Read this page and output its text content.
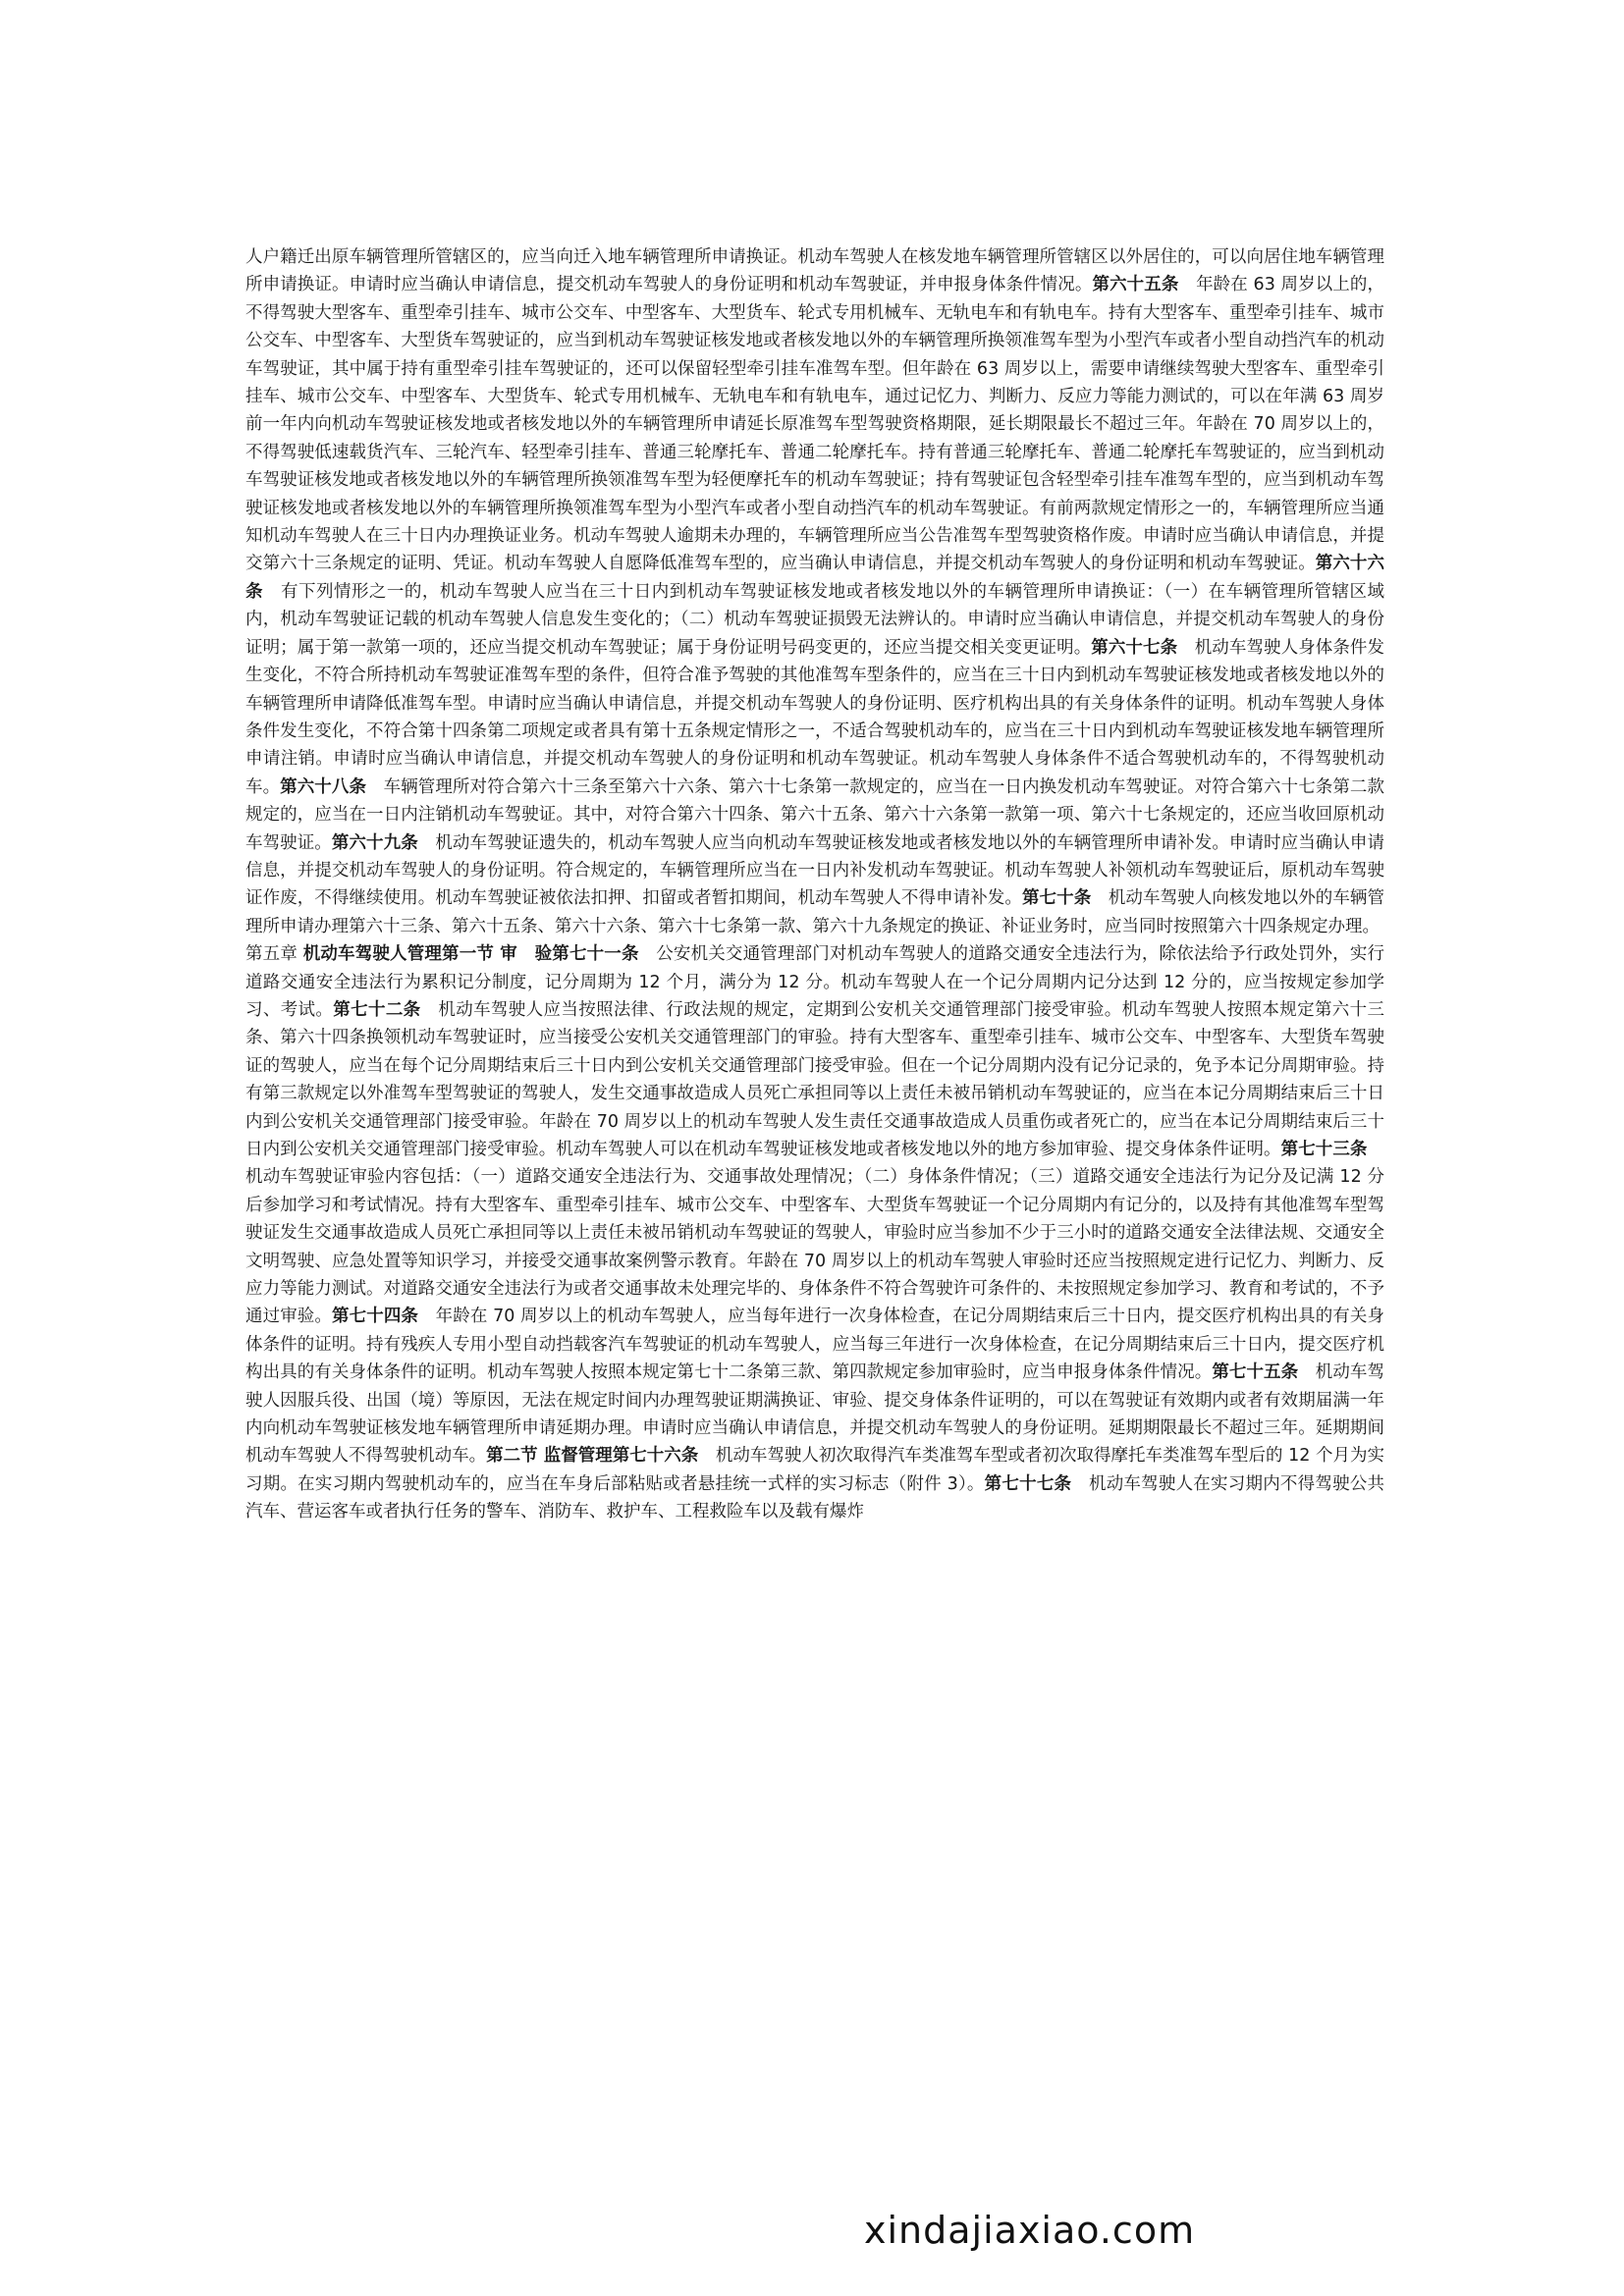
人户籍迁出原车辆管理所管辖区的，应当向迁入地车辆管理所申请换证。机动车驾驶人在核发地车辆管理所管辖区以外居住的，可以向居住地车辆管理所申请换证。申请时应当确认申请信息，提交机动车驾驶人的身份证明和机动车驾驶证，并申报身体条件情况。第六十五条　年龄在 63 周岁以上的，不得驾驶大型客车、重型牵引挂车、城市公交车、中型客车、大型货车、轮式专用机械车、无轨电车和有轨电车。持有大型客车、重型牵引挂车、城市公交车、中型客车、大型货车驾驶证的，应当到机动车驾驶证核发地或者核发地以外的车辆管理所换领准驾车型为小型汽车或者小型自动挡汽车的机动车驾驶证，其中属于持有重型牵引挂车驾驶证的，还可以保留轻型牵引挂车准驾车型。但年龄在 63 周岁以上，需要申请继续驾驶大型客车、重型牵引挂车、城市公交车、中型客车、大型货车、轮式专用机械车、无轨电车和有轨电车，通过记忆力、判断力、反应力等能力测试的，可以在年满 63 周岁前一年内向机动车驾驶证核发地或者核发地以外的车辆管理所申请延长原准驾车型驾驶资格期限，延长期限最长不超过三年。年龄在 70 周岁以上的，不得驾驶低速载货汽车、三轮汽车、轻型牵引挂车、普通三轮摩托车、普通二轮摩托车。持有普通三轮摩托车、普通二轮摩托车驾驶证的，应当到机动车驾驶证核发地或者核发地以外的车辆管理所换领准驾车型为轻便摩托车的机动车驾驶证；持有驾驶证包含轻型牵引挂车准驾车型的，应当到机动车驾驶证核发地或者核发地以外的车辆管理所换领准驾车型为小型汽车或者小型自动挡汽车的机动车驾驶证。有前两款规定情形之一的，车辆管理所应当通知机动车驾驶人在三十日内办理换证业务。机动车驾驶人逾期未办理的，车辆管理所应当公告准驾车型驾驶资格作废。申请时应当确认申请信息，并提交第六十三条规定的证明、凭证。机动车驾驶人自愿降低准驾车型的，应当确认申请信息，并提交机动车驾驶人的身份证明和机动车驾驶证。第六十六条　有下列情形之一的，机动车驾驶人应当在三十日内到机动车驾驶证核发地或者核发地以外的车辆管理所申请换证：（一）在车辆管理所管辖区域内，机动车驾驶证记载的机动车驾驶人信息发生变化的；（二）机动车驾驶证损毁无法辨认的。申请时应当确认申请信息，并提交机动车驾驶人的身份证明；属于第一款第一项的，还应当提交机动车驾驶证；属于身份证明号码变更的，还应当提交相关变更证明。第六十七条　机动车驾驶人身体条件发生变化，不符合所持机动车驾驶证准驾车型的条件，但符合准予驾驶的其他准驾车型条件的，应当在三十日内到机动车驾驶证核发地或者核发地以外的车辆管理所申请降低准驾车型。申请时应当确认申请信息，并提交机动车驾驶人的身份证明、医疗机构出具的有关身体条件的证明。机动车驾驶人身体条件发生变化，不符合第十四条第二项规定或者具有第十五条规定情形之一，不适合驾驶机动车的，应当在三十日内到机动车驾驶证核发地车辆管理所申请注销。申请时应当确认申请信息，并提交机动车驾驶人的身份证明和机动车驾驶证。机动车驾驶人身体条件不适合驾驶机动车的，不得驾驶机动车。第六十八条　车辆管理所对符合第六十三条至第六十六条、第六十七条第一款规定的，应当在一日内换发机动车驾驶证。对符合第六十七条第二款规定的，应当在一日内注销机动车驾驶证。其中，对符合第六十四条、第六十五条、第六十六条第一款第一项、第六十七条规定的，还应当收回原机动车驾驶证。第六十九条　机动车驾驶证遗失的，机动车驾驶人应当向机动车驾驶证核发地或者核发地以外的车辆管理所申请补发。申请时应当确认申请信息，并提交机动车驾驶人的身份证明。符合规定的，车辆管理所应当在一日内补发机动车驾驶证。机动车驾驶人补领机动车驾驶证后，原机动车驾驶证作废，不得继续使用。机动车驾驶证被依法扣押、扣留或者暂扣期间，机动车驾驶人不得申请补发。第七十条　机动车驾驶人向核发地以外的车辆管理所申请办理第六十三条、第六十五条、第六十六条、第六十七条第一款、第六十九条规定的换证、补证业务时，应当同时按照第六十四条规定办理。

第五章 机动车驾驶人管理第一节 审　验第七十一条　公安机关交通管理部门对机动车驾驶人的道路交通安全违法行为，除依法给予行政处罚外，实行道路交通安全违法行为累积记分制度，记分周期为 12 个月，满分为 12 分。机动车驾驶人在一个记分周期内记分达到 12 分的，应当按规定参加学习、考试。第七十二条　机动车驾驶人应当按照法律、行政法规的规定，定期到公安机关交通管理部门接受审验。机动车驾驶人按照本规定第六十三条、第六十四条换领机动车驾驶证时，应当接受公安机关交通管理部门的审验。持有大型客车、重型牵引挂车、城市公交车、中型客车、大型货车驾驶证的驾驶人，应当在每个记分周期结束后三十日内到公安机关交通管理部门接受审验。但在一个记分周期内没有记分记录的，免予本记分周期审验。持有第三款规定以外准驾车型驾驶证的驾驶人，发生交通事故造成人员死亡承担同等以上责任未被吊销机动车驾驶证的，应当在本记分周期结束后三十日内到公安机关交通管理部门接受审验。年龄在 70 周岁以上的机动车驾驶人发生责任交通事故造成人员重伤或者死亡的，应当在本记分周期结束后三十日内到公安机关交通管理部门接受审验。机动车驾驶人可以在机动车驾驶证核发地或者核发地以外的地方参加审验、提交身体条件证明。第七十三条　机动车驾驶证审验内容包括：（一）道路交通安全违法行为、交通事故处理情况；（二）身体条件情况；（三）道路交通安全违法行为记分及记满 12 分后参加学习和考试情况。持有大型客车、重型牵引挂车、城市公交车、中型客车、大型货车驾驶证一个记分周期内有记分的，以及持有其他准驾车型驾驶证发生交通事故造成人员死亡承担同等以上责任未被吊销机动车驾驶证的驾驶人，审验时应当参加不少于三小时的道路交通安全法律法规、交通安全文明驾驶、应急处置等知识学习，并接受交通事故案例警示教育。年龄在 70 周岁以上的机动车驾驶人审验时还应当按照规定进行记忆力、判断力、反应力等能力测试。对道路交通安全违法行为或者交通事故未处理完毕的、身体条件不符合驾驶许可条件的、未按照规定参加学习、教育和考试的，不予通过审验。第七十四条　年龄在 70 周岁以上的机动车驾驶人，应当每年进行一次身体检查，在记分周期结束后三十日内，提交医疗机构出具的有关身体条件的证明。持有残疾人专用小型自动挡载客汽车驾驶证的机动车驾驶人，应当每三年进行一次身体检查，在记分周期结束后三十日内，提交医疗机构出具的有关身体条件的证明。机动车驾驶人按照本规定第七十二条第三款、第四款规定参加审验时，应当申报身体条件情况。第七十五条　机动车驾驶人因服兵役、出国（境）等原因，无法在规定时间内办理驾驶证期满换证、审验、提交身体条件证明的，可以在驾驶证有效期内或者有效期届满一年内向机动车驾驶证核发地车辆管理所申请延期办理。申请时应当确认申请信息，并提交机动车驾驶人的身份证明。延期期限最长不超过三年。延期期间机动车驾驶人不得驾驶机动车。第二节 监督管理第七十六条　机动车驾驶人初次取得汽车类准驾车型或者初次取得摩托车类准驾车型后的 12 个月为实习期。在实习期内驾驶机动车的，应当在车身后部粘贴或者悬挂统一式样的实习标志（附件 3）。第七十七条　机动车驾驶人在实习期内不得驾驶公共汽车、营运客车或者执行任务的警车、消防车、救护车、工程救险车以及载有爆炸

xindajiaxiao.com
